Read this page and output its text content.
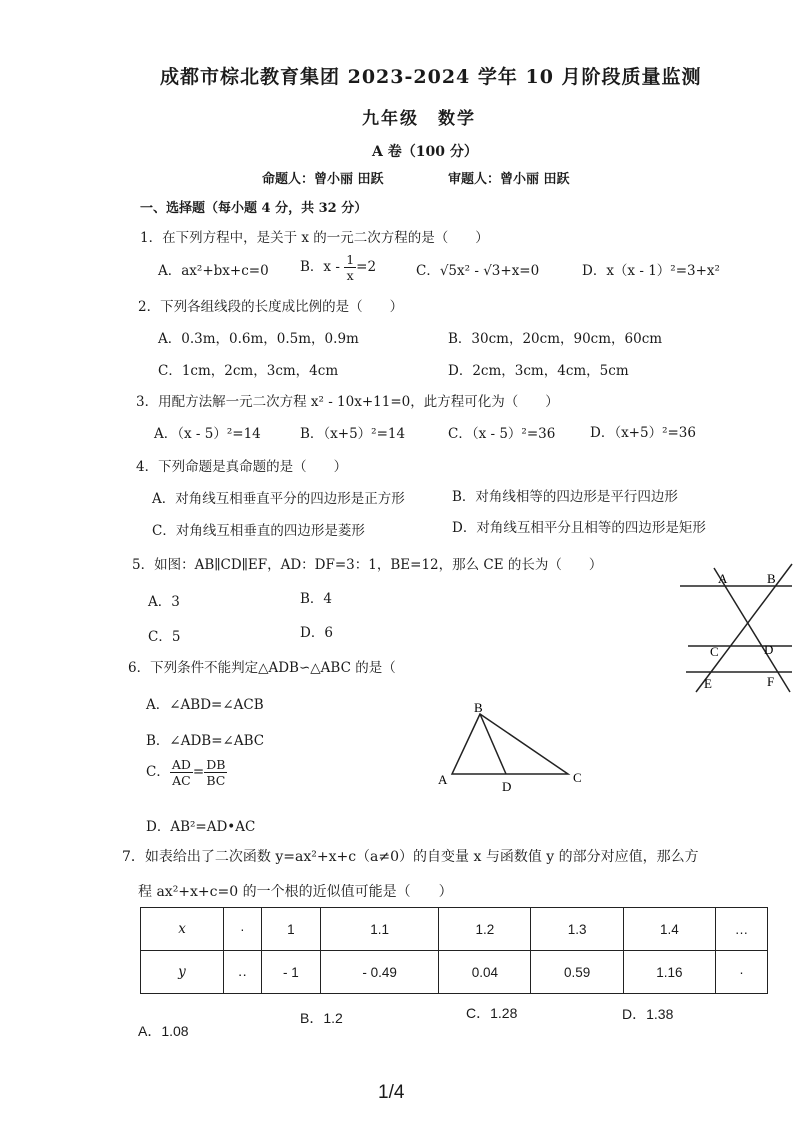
成都市棕北教育集团 2023-2024 学年 10 月阶段质量监测
九年级　数学
A 卷（100 分）
命题人：曾小丽 田跃	审题人：曾小丽 田跃
一、选择题（每小题 4 分，共 32 分）
1．在下列方程中，是关于 x 的一元二次方程的是（　　）
A．ax²+bx+c=0 B．$x - \frac{1}{x} =2$	C．√5x² - √3+x=0	D．x（x - 1）²=3+x²
2．下列各组线段的长度成比例的是（　　）
A．0.3m，0.6m，0.5m，0.9m	B．30cm，20cm，90cm，60cm
C．1cm，2cm，3cm，4cm	D．2cm，3cm，4cm，5cm
3．用配方法解一元二次方程 x² - 10x+11=0，此方程可化为（　　）
A．（x - 5）²=14	B．（x+5）²=14	C．（x - 5）²=36	D．（x+5）²=36
4．下列命题是真命题的是（　　）
A．对角线互相垂直平分的四边形是正方形	B．对角线相等的四边形是平行四边形
C．对角线互相垂直的四边形是菱形	D．对角线互相平分且相等的四边形是矩形
5．如图：AB∥CD∥EF，AD：DF=3：1，BE=12，那么 CE 的长为（　　）
A．3	B．4
C．5	D．6
A	B
C	D
E	F
6．下列条件不能判定△ADB∽△ABC 的是（
A．∠ABD=∠ACB
B．∠ADB=∠ABC
C． $\frac{AD}{AC} = \frac{DB}{BC}$
D．AB²=AD•AC
B
A	D
C
7．如表给出了二次函数 y=ax²+x+c（a≠0）的自变量 x 与函数值 y 的部分对应值，那么方
程 ax²+x+c=0 的一个根的近似值可能是（　　）
x	·	1	1.1	1.2	1.3	1.4	…
y	‥	- 1	- 0.49	0.04	0.59	1.16	·
A．1.08
B．1.2	C．1.28	D．1.38
1/4
